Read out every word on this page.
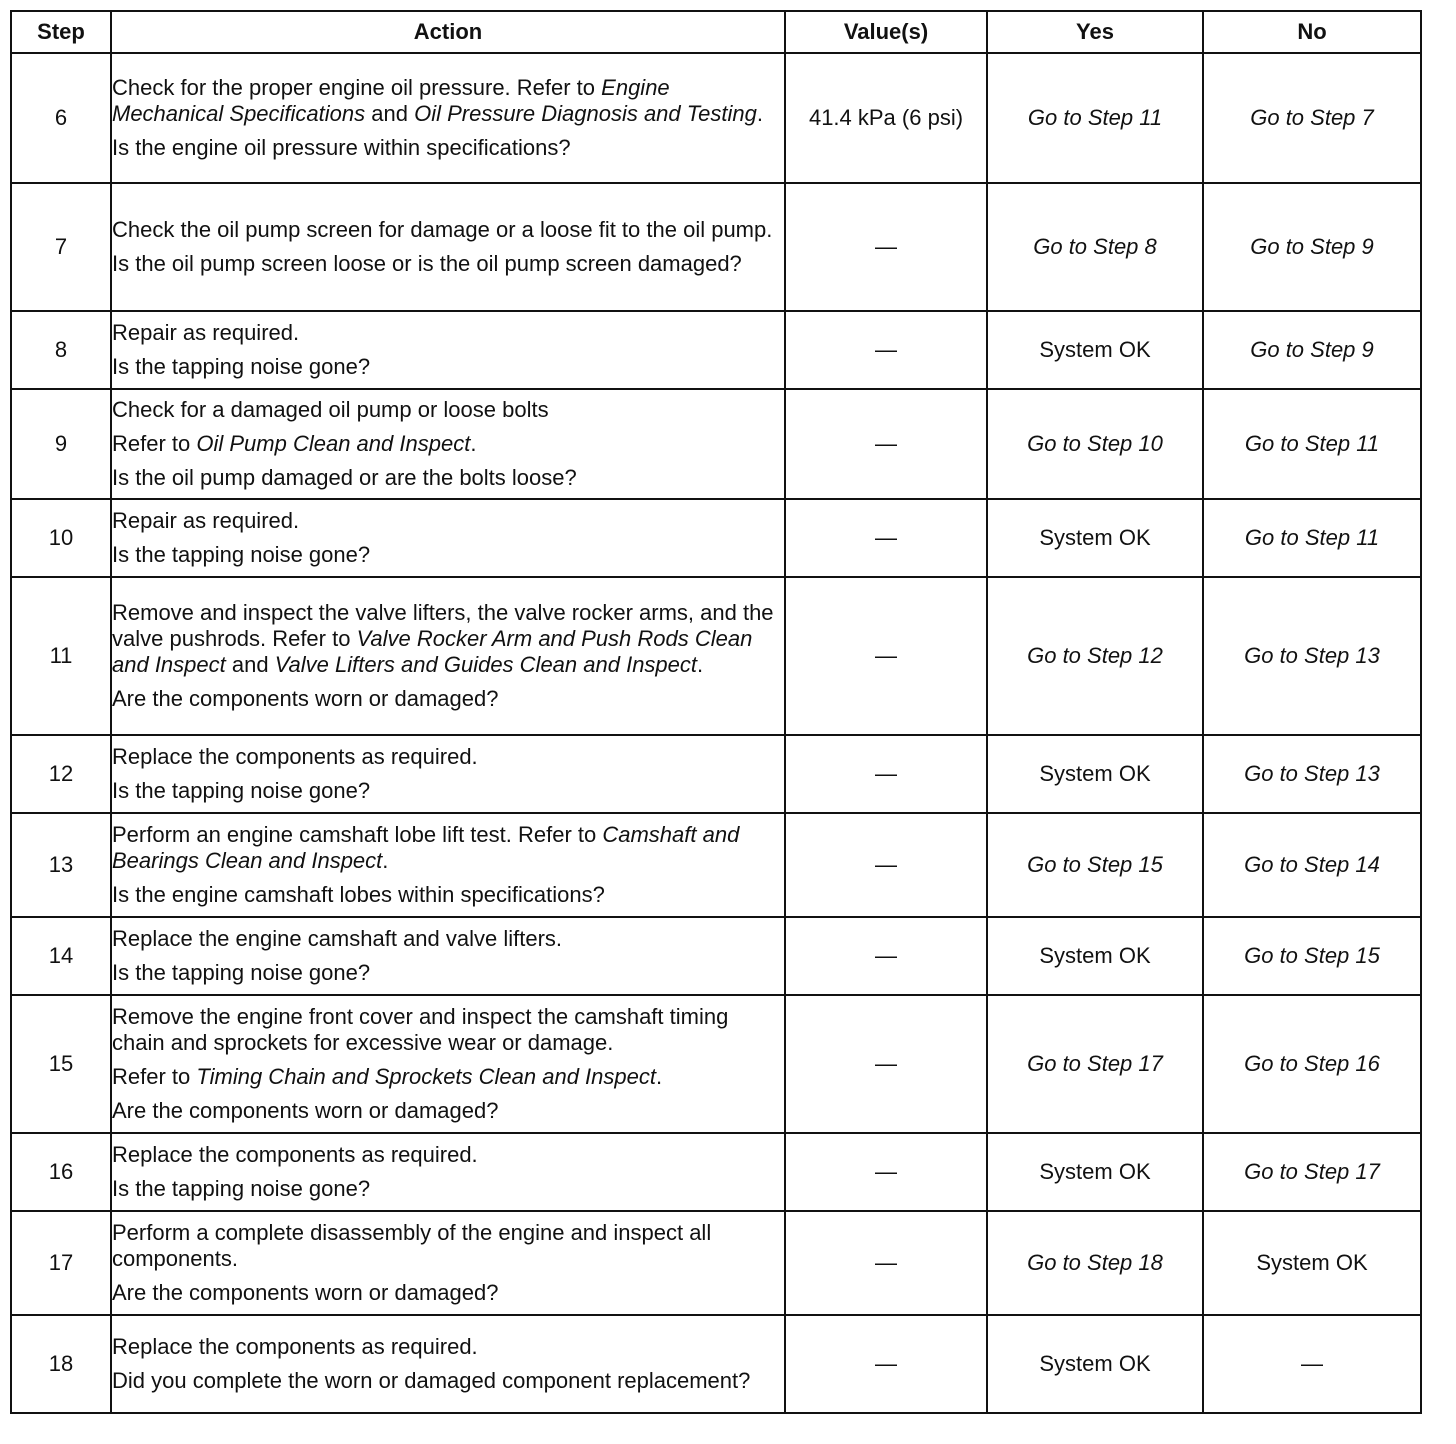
Step	Action	Value(s)	Yes	No
6	Check for the proper engine oil pressure. Refer to Engine Mechanical Specifications and Oil Pressure Diagnosis and Testing.

Is the engine oil pressure within specifications?	41.4 kPa (6 psi)	Go to Step 11	Go to Step 7
7	Check the oil pump screen for damage or a loose fit to the oil pump.

Is the oil pump screen loose or is the oil pump screen damaged?	—	Go to Step 8	Go to Step 9
8	Repair as required.

Is the tapping noise gone?	—	System OK	Go to Step 9
9	Check for a damaged oil pump or loose bolts

Refer to Oil Pump Clean and Inspect.

Is the oil pump damaged or are the bolts loose?	—	Go to Step 10	Go to Step 11
10	Repair as required.

Is the tapping noise gone?	—	System OK	Go to Step 11
11	Remove and inspect the valve lifters, the valve rocker arms, and the valve pushrods. Refer to Valve Rocker Arm and Push Rods Clean and Inspect and Valve Lifters and Guides Clean and Inspect.

Are the components worn or damaged?	—	Go to Step 12	Go to Step 13
12	Replace the components as required.

Is the tapping noise gone?	—	System OK	Go to Step 13
13	Perform an engine camshaft lobe lift test. Refer to Camshaft and Bearings Clean and Inspect.

Is the engine camshaft lobes within specifications?	—	Go to Step 15	Go to Step 14
14	Replace the engine camshaft and valve lifters.

Is the tapping noise gone?	—	System OK	Go to Step 15
15	Remove the engine front cover and inspect the camshaft timing chain and sprockets for excessive wear or damage.

Refer to Timing Chain and Sprockets Clean and Inspect.

Are the components worn or damaged?	—	Go to Step 17	Go to Step 16
16	Replace the components as required.

Is the tapping noise gone?	—	System OK	Go to Step 17
17	Perform a complete disassembly of the engine and inspect all components.

Are the components worn or damaged?	—	Go to Step 18	System OK
18	Replace the components as required.

Did you complete the worn or damaged component replacement?	—	System OK	—
